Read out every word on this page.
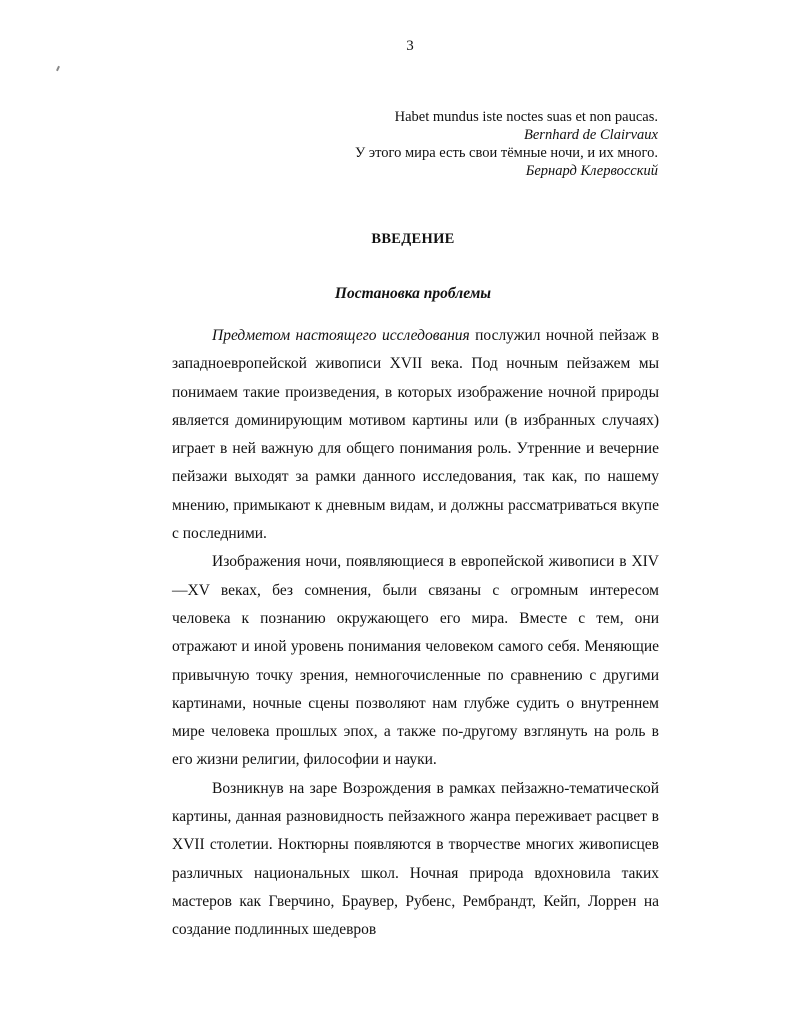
3
Habet mundus iste noctes suas et non paucas.
Bernhard de Clairvaux
У этого мира есть свои тёмные ночи, и их много.
Бернард Клервосский
ВВЕДЕНИЕ
Постановка проблемы

Предметом настоящего исследования послужил ночной пейзаж в западноевропейской живописи XVII века. Под ночным пейзажем мы понимаем такие произведения, в которых изображение ночной природы является доминирующим мотивом картины или (в избранных случаях) играет в ней важную для общего понимания роль. Утренние и вечерние пейзажи выходят за рамки данного исследования, так как, по нашему мнению, примыкают к дневным видам, и должны рассматриваться вкупе с последними.

Изображения ночи, появляющиеся в европейской живописи в XIV—XV веках, без сомнения, были связаны с огромным интересом человека к познанию окружающего его мира. Вместе с тем, они отражают и иной уровень понимания человеком самого себя. Меняющие привычную точку зрения, немногочисленные по сравнению с другими картинами, ночные сцены позволяют нам глубже судить о внутреннем мире человека прошлых эпох, а также по-другому взглянуть на роль в его жизни религии, философии и науки.

Возникнув на заре Возрождения в рамках пейзажно-тематической картины, данная разновидность пейзажного жанра переживает расцвет в XVII столетии. Ноктюрны появляются в творчестве многих живописцев различных национальных школ. Ночная природа вдохновила таких мастеров как Гверчино, Браувер, Рубенс, Рембрандт, Кейп, Лоррен на создание подлинных шедевров
